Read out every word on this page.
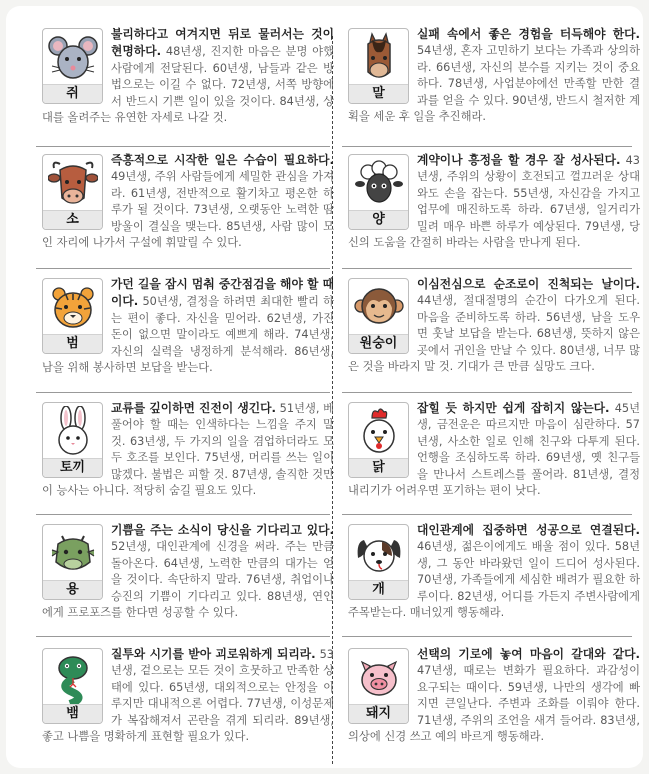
쥐

불리하다고 여겨지면 뒤로 물러서는 것이 현명하다. 48년생, 진지한 마음은 분명 야했사람에게 전달된다. 60년생, 남들과 같은 방법으로는 이길 수 없다. 72년생, 서쪽 방향에서 반드시 기쁜 일이 있을 것이다. 84년생, 상대를 올려주는 유연한 자세로 나갈 것.

소

즉흥적으로 시작한 일은 수습이 필요하다. 49년생, 주위 사람들에게 세밀한 관심을 가져라. 61년생, 전반적으로 활기차고 평온한 하루가 될 것이다. 73년생, 오랫동안 노력한 땀방울이 결실을 맺는다. 85년생, 사람 많이 모인 자리에 나가서 구설에 휘말릴 수 있다.

범

가던 길을 잠시 멈춰 중간점검을 해야 할 때이다. 50년생, 결정을 하려면 최대한 빨리 하는 편이 좋다. 자신을 믿어라. 62년생, 가진 돈이 없으면 말이라도 예쁘게 해라. 74년생, 자신의 실력을 냉정하게 분석해라. 86년생, 남을 위해 봉사하면 보답을 받는다.

토끼

교류를 깊이하면 진전이 생긴다. 51년생, 베풀어야 할 때는 인색하다는 느낌을 주지 말 것. 63년생, 두 가지의 일을 겸업하더라도 모두 호조를 보인다. 75년생, 머리를 쓰는 일이 많겠다. 불법은 피할 것. 87년생, 솔직한 것만이 능사는 아니다. 적당히 숨길 필요도 있다.

용

기쁨을 주는 소식이 당신을 기다리고 있다. 52년생, 대인관계에 신경을 써라. 주는 만큼 돌아온다. 64년생, 노력한 만큼의 대가는 얻을 것이다. 속단하지 말라. 76년생, 취업이나 승진의 기쁨이 기다리고 있다. 88년생, 연인에게 프로포즈를 한다면 성공할 수 있다.

뱀

질투와 시기를 받아 괴로워하게 되리라. 53년생, 겉으로는 모든 것이 흐뭇하고 만족한 상태에 있다. 65년생, 대외적으로는 안정을 이루지만 대내적으론 어렵다. 77년생, 이성문제가 복잡해져서 곤란을 겪게 되리라. 89년생, 좋고 나쁨을 명확하게 표현할 필요가 있다.

말

실패 속에서 좋은 경험을 터득해야 한다. 54년생, 혼자 고민하기 보다는 가족과 상의하라. 66년생, 자신의 분수를 지키는 것이 중요하다. 78년생, 사업분야에선 만족할 만한 결과를 얻을 수 있다. 90년생, 반드시 철저한 계획을 세운 후 일을 추진해라.

양

계약이나 흥정을 할 경우 잘 성사된다. 43년생, 주위의 상황이 호전되고 껄끄러운 상대와도 손을 잡는다. 55년생, 자신감을 가지고 업무에 매진하도록 하라. 67년생, 일거리가 밀려 매우 바쁜 하루가 예상된다. 79년생, 당신의 도움을 간절히 바라는 사람을 만나게 된다.

원숭이

이심전심으로 순조로이 진척되는 날이다. 44년생, 절대절명의 순간이 다가오게 된다. 마음을 준비하도록 하라. 56년생, 남을 도우면 훗날 보답을 받는다. 68년생, 뜻하지 않은 곳에서 귀인을 만날 수 있다. 80년생, 너무 많은 것을 바라지 말 것. 기대가 큰 만큼 실망도 크다.

닭

잡힐 듯 하지만 쉽게 잡히지 않는다. 45년생, 금전운은 따르지만 마음이 심란하다. 57년생, 사소한 일로 인해 친구와 다투게 된다. 언행을 조심하도록 하라. 69년생, 옛 친구들을 만나서 스트레스를 풀어라. 81년생, 결정 내리기가 어려우면 포기하는 편이 낫다.

개

대인관계에 집중하면 성공으로 연결된다. 46년생, 젊은이에게도 배울 점이 있다. 58년생, 그 동안 바라왔던 일이 드디어 성사된다. 70년생, 가족들에게 세심한 배려가 필요한 하루이다. 82년생, 어디를 가든지 주변사람에게 주목받는다. 매너있게 행동해라.

돼지

선택의 기로에 놓여 마음이 갈대와 같다. 47년생, 때로는 변화가 필요하다. 과감성이 요구되는 때이다. 59년생, 나만의 생각에 빠지면 큰일난다. 주변과 조화를 이뤄야 한다. 71년생, 주위의 조언을 새겨 들어라. 83년생, 의상에 신경 쓰고 예의 바르게 행동해라.
